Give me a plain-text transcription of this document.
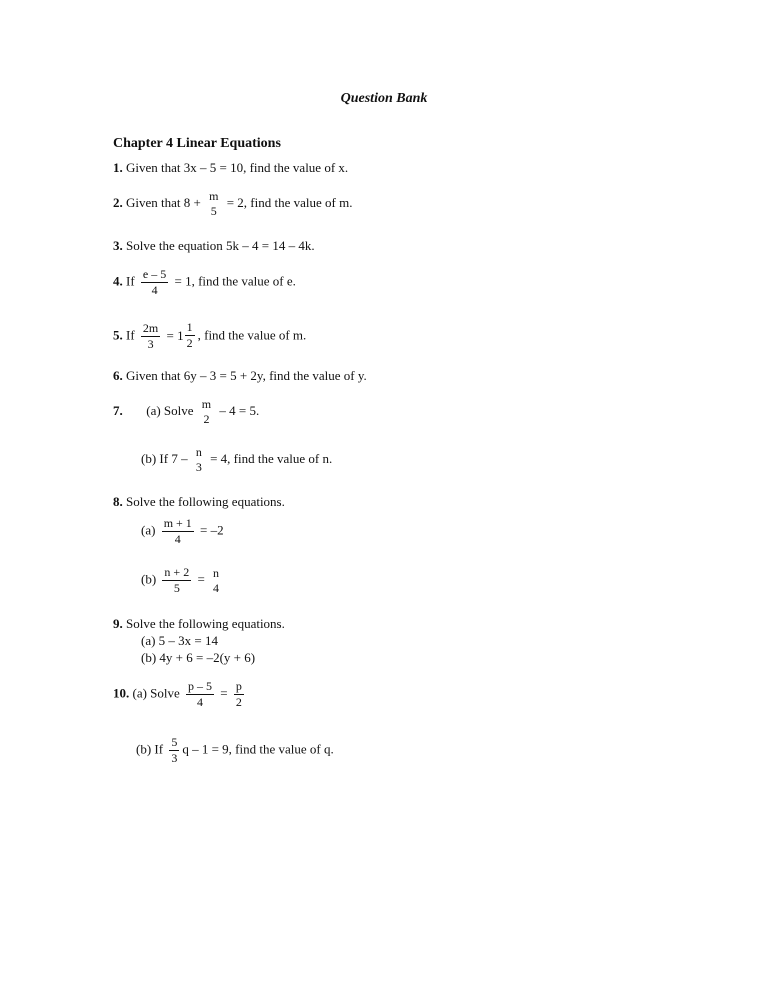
Question Bank
Chapter 4 Linear Equations
1. Given that 3x – 5 = 10, find the value of x.
2. Given that 8 + m
5
= 2, find the value of m.
3. Solve the equation 5k – 4 = 14 – 4k.
4. If $\frac{e - 5}{4} = 1$, find the value of e.
5. If $\frac{2m}{3}$
= $1 \frac{1}{2}$ , find the value of m.
6. Given that 6y – 3 = 5 + 2y, find the value of y.
7. (a) Solve m
2
– 4 = 5.
(b) If 7 – n
3
= 4, find the value of n.
8. Solve the following equations.
$(a) \frac{m + 1}{4} = -2$
$(b) \frac{n + 2}{5} = n$
4
9. Solve the following equations.
(a) 5 – 3x = 14
(b) 4y + 6 = –2(y + 6)
10. (a) Solve $\frac{p - 5}{4} = \frac{p}{2}$
(b) If $\frac{5}{3}$ q – 1 = 9, find the value of q.
